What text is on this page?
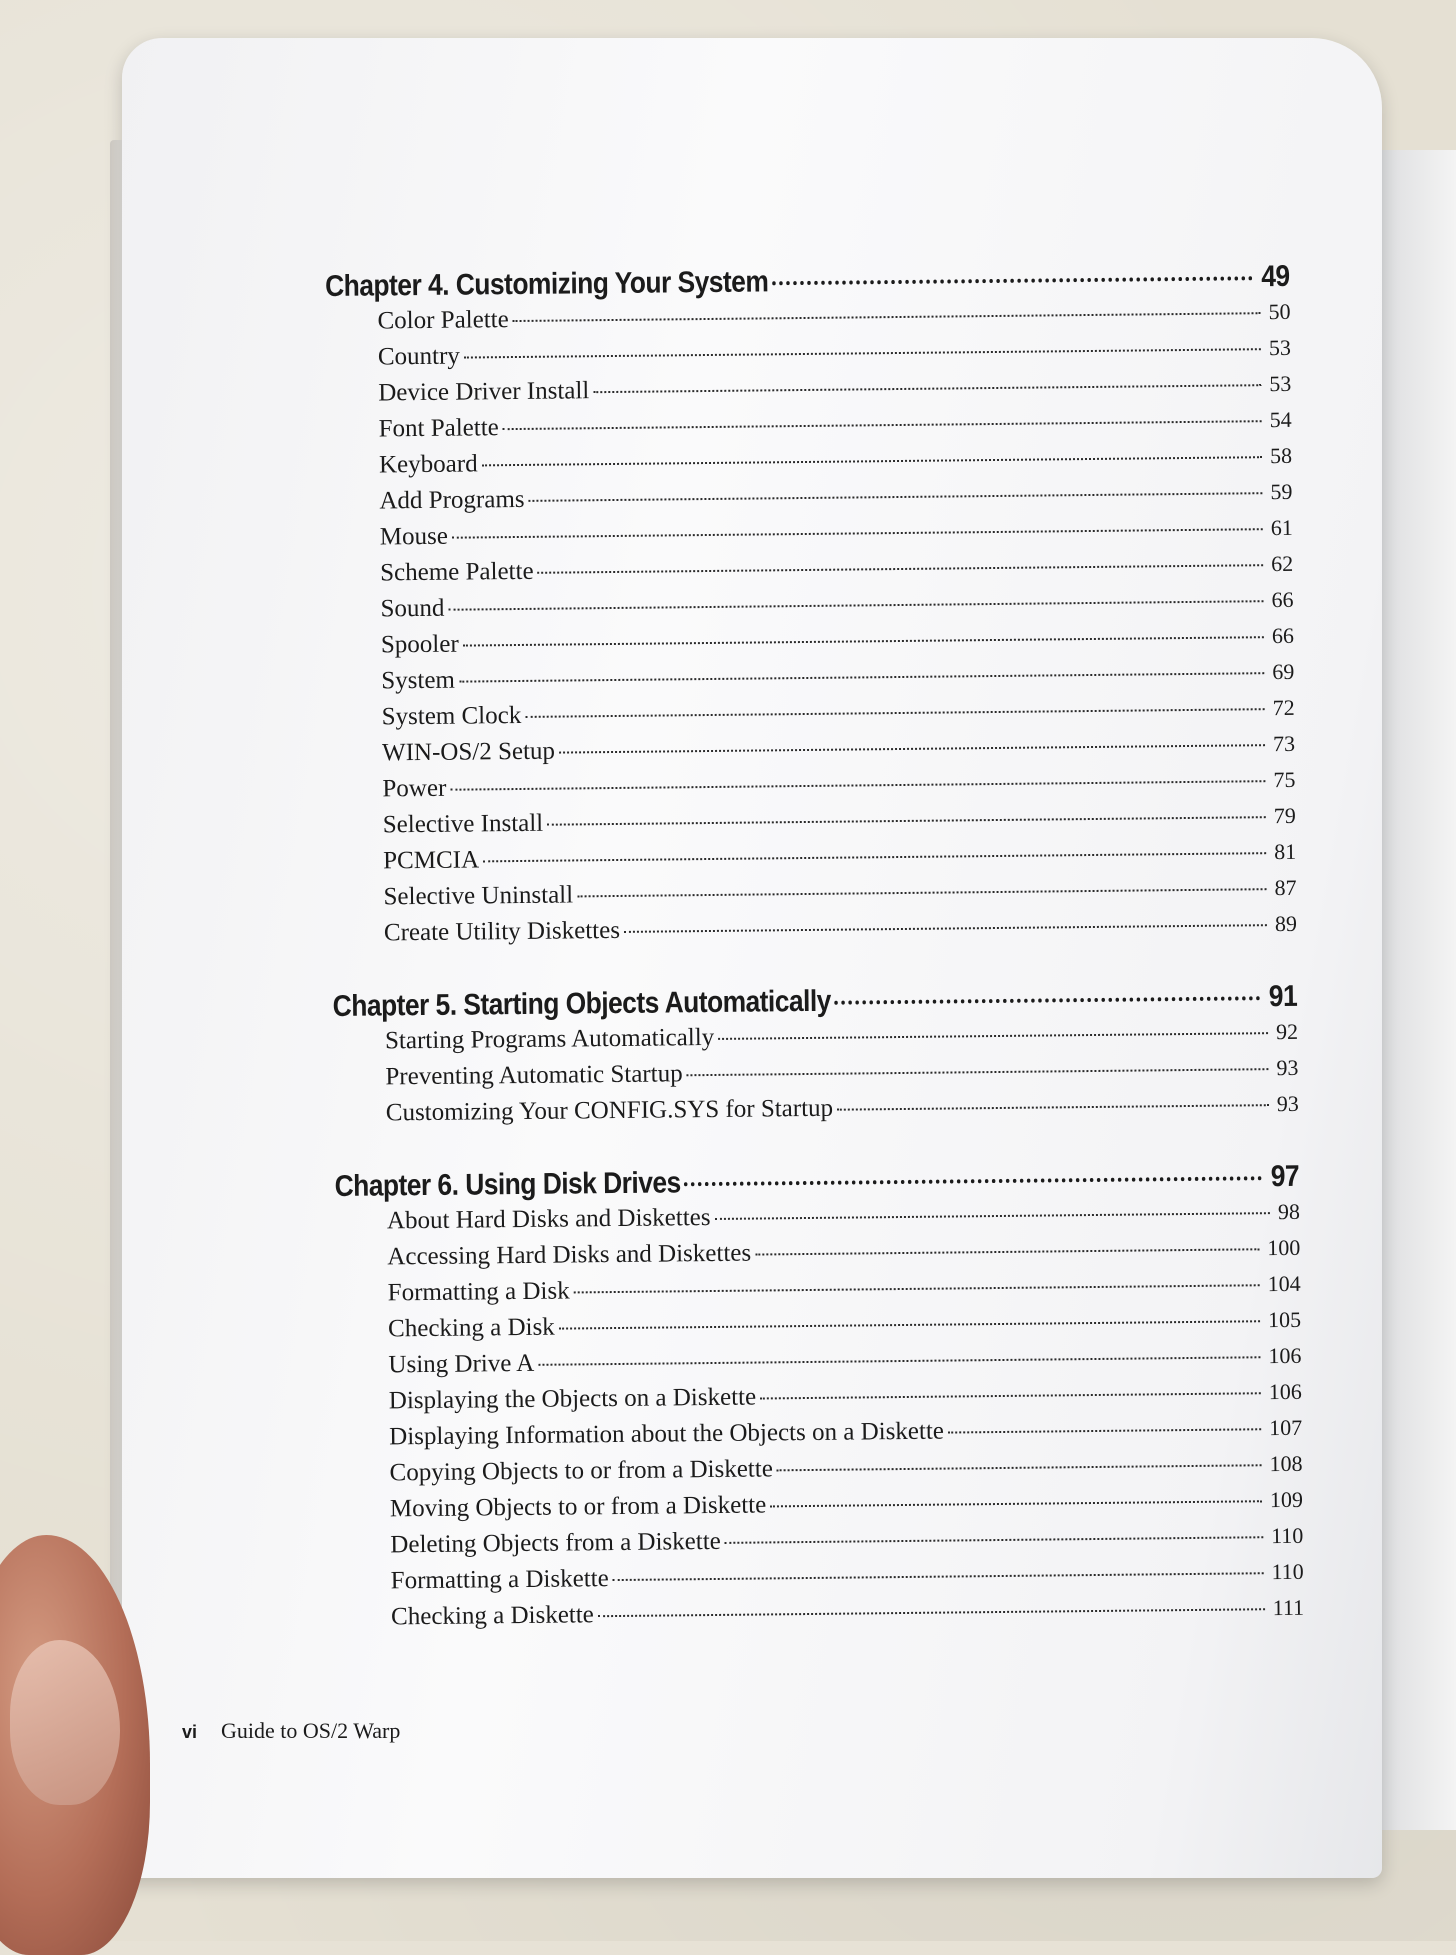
Chapter 4. Customizing Your System	49
Color Palette	50
Country	53
Device Driver Install	53
Font Palette	54
Keyboard	58
Add Programs	59
Mouse	61
Scheme Palette	62
Sound	66
Spooler	66
System	69
System Clock	72
WIN-OS/2 Setup	73
Power	75
Selective Install	79
PCMCIA	81
Selective Uninstall	87
Create Utility Diskettes	89
Chapter 5. Starting Objects Automatically	91
Starting Programs Automatically	92
Preventing Automatic Startup	93
Customizing Your CONFIG.SYS for Startup	93
Chapter 6. Using Disk Drives	97
About Hard Disks and Diskettes	98
Accessing Hard Disks and Diskettes	100
Formatting a Disk	104
Checking a Disk	105
Using Drive A	106
Displaying the Objects on a Diskette	106
Displaying Information about the Objects on a Diskette	107
Copying Objects to or from a Diskette	108
Moving Objects to or from a Diskette	109
Deleting Objects from a Diskette	110
Formatting a Diskette	110
Checking a Diskette	111
vi Guide to OS/2 Warp
